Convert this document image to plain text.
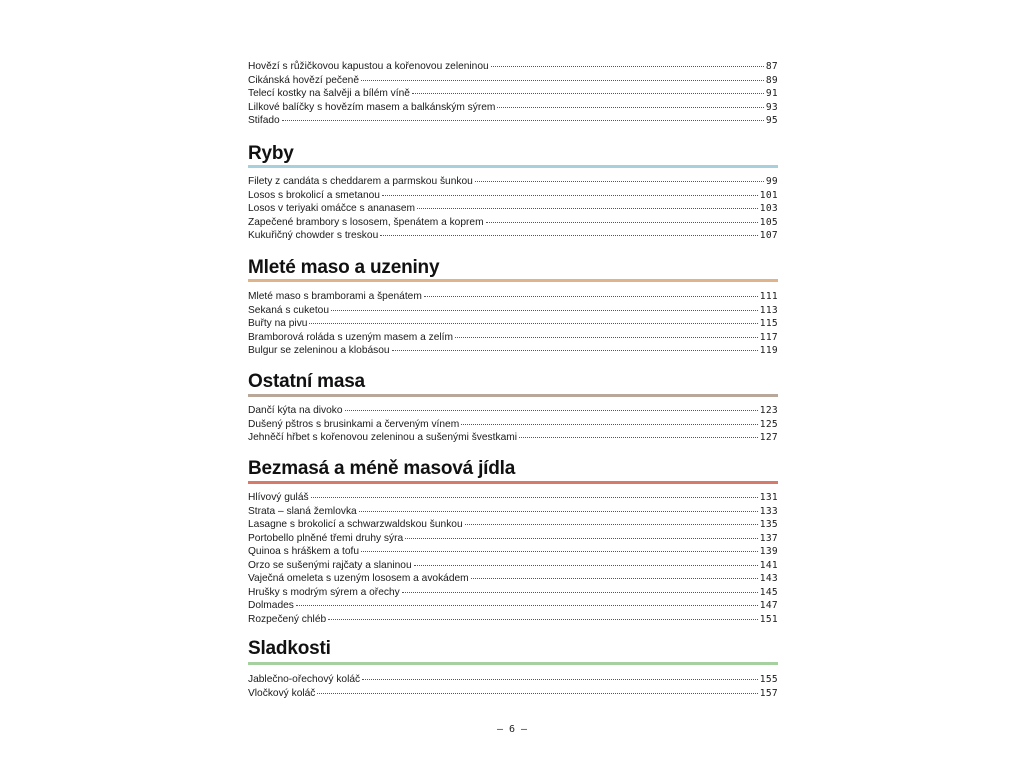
Hovězí s růžičkovou kapustou a kořenovou zeleninou	87
Cikánská hovězí pečeně	89
Telecí kostky na šalvěji a bílém víně	91
Lilkové balíčky s hovězím masem a balkánským sýrem	93
Stifado	95
Ryby
Filety z candáta s cheddarem a parmskou šunkou	99
Losos s brokolicí a smetanou	101
Losos v teriyaki omáčce s ananasem	103
Zapečené brambory s lososem, špenátem a koprem	105
Kukuřičný chowder s treskou	107
Mleté maso a uzeniny
Mleté maso s bramborami a špenátem	111
Sekaná s cuketou	113
Buřty na pivu	115
Bramborová roláda s uzeným masem a zelím	117
Bulgur se zeleninou a klobásou	119
Ostatní masa
Dančí kýta na divoko	123
Dušený pštros s brusinkami a červeným vínem	125
Jehněčí hřbet s kořenovou zeleninou a sušenými švestkami	127
Bezmasá a méně masová jídla
Hlívový guláš	131
Strata – slaná žemlovka	133
Lasagne s brokolicí a schwarzwaldskou šunkou	135
Portobello plněné třemi druhy sýra	137
Quinoa s hráškem a tofu	139
Orzo se sušenými rajčaty a slaninou	141
Vaječná omeleta s uzeným lososem a avokádem	143
Hrušky s modrým sýrem a ořechy	145
Dolmades	147
Rozpečený chléb	151
Sladkosti
Jablečno-ořechový koláč	155
Vločkový koláč	157
– 6 –
